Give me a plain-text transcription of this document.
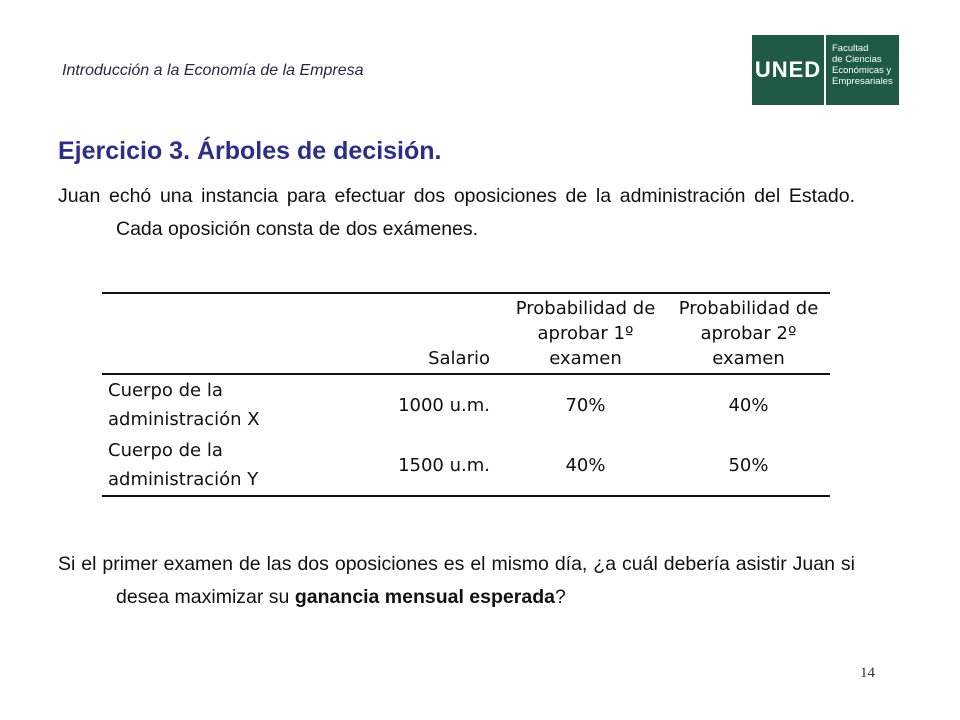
Introducción a la Economía de la Empresa	UNED
Facultad
de Ciencias
Económicas y
Empresariales
Ejercicio 3. Árboles de decisión.

Juan echó una instancia para efectuar dos oposiciones de la administración del Estado. Cada oposición consta de dos exámenes.

	Salario	Probabilidad de aprobar 1º examen	Probabilidad de aprobar 2º examen
Cuerpo de la administración X	1000 u.m.	70%	40%
Cuerpo de la administración Y	1500 u.m.	40%	50%

Si el primer examen de las dos oposiciones es el mismo día, ¿a cuál debería asistir Juan si desea maximizar su ganancia mensual esperada?

14
